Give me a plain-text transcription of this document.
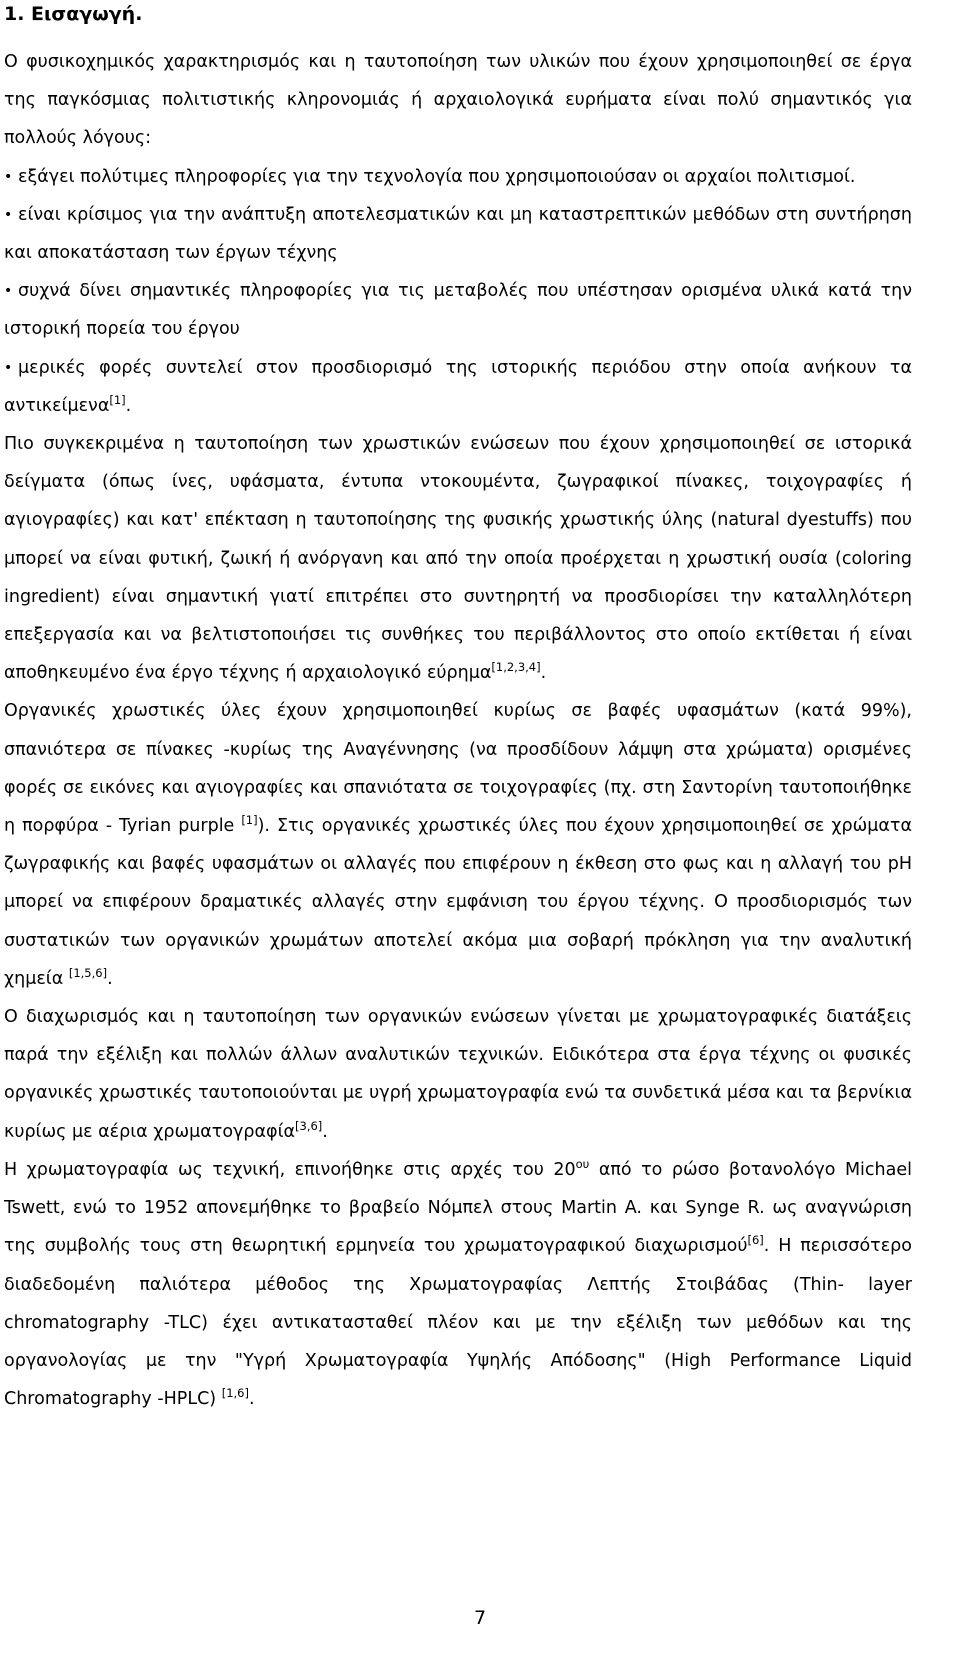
1. Εισαγωγή.

Ο φυσικοχημικός χαρακτηρισμός και η ταυτοποίηση των υλικών που έχουν χρησιμοποιηθεί σε έργα της παγκόσμιας πολιτιστικής κληρονομιάς ή αρχαιολογικά ευρήματα είναι πολύ σημαντικός για πολλούς λόγους:

• εξάγει πολύτιμες πληροφορίες για την τεχνολογία που χρησιμοποιούσαν οι αρχαίοι πολιτισμοί.
• είναι κρίσιμος για την ανάπτυξη αποτελεσματικών και μη καταστρεπτικών μεθόδων στη συντήρηση και αποκατάσταση των έργων τέχνης
• συχνά δίνει σημαντικές πληροφορίες για τις μεταβολές που υπέστησαν ορισμένα υλικά κατά την ιστορική πορεία του έργου
• μερικές φορές συντελεί στον προσδιορισμό της ιστορικής περιόδου στην οποία ανήκουν τα αντικείμενα[1].

Πιο συγκεκριμένα η ταυτοποίηση των χρωστικών ενώσεων που έχουν χρησιμοποιηθεί σε ιστορικά δείγματα (όπως ίνες, υφάσματα, έντυπα ντοκουμέντα, ζωγραφικοί πίνακες, τοιχογραφίες ή αγιογραφίες) και κατ' επέκταση η ταυτοποίησης της φυσικής χρωστικής ύλης (natural dyestuffs) που μπορεί να είναι φυτική, ζωική ή ανόργανη και από την οποία προέρχεται η χρωστική ουσία (coloring ingredient) είναι σημαντική γιατί επιτρέπει στο συντηρητή να προσδιορίσει την καταλληλότερη επεξεργασία και να βελτιστοποιήσει τις συνθήκες του περιβάλλοντος στο οποίο εκτίθεται ή είναι αποθηκευμένο ένα έργο τέχνης ή αρχαιολογικό εύρημα[1,2,3,4].

Οργανικές χρωστικές ύλες έχουν χρησιμοποιηθεί κυρίως σε βαφές υφασμάτων (κατά 99%), σπανιότερα σε πίνακες -κυρίως της Αναγέννησης (να προσδίδουν λάμψη στα χρώματα) ορισμένες φορές σε εικόνες και αγιογραφίες και σπανιότατα σε τοιχογραφίες (πχ. στη Σαντορίνη ταυτοποιήθηκε η πορφύρα - Tyrian purple [1]). Στις οργανικές χρωστικές ύλες που έχουν χρησιμοποιηθεί σε χρώματα ζωγραφικής και βαφές υφασμάτων οι αλλαγές που επιφέρουν η έκθεση στο φως και η αλλαγή του pH μπορεί να επιφέρουν δραματικές αλλαγές στην εμφάνιση του έργου τέχνης. Ο προσδιορισμός των συστατικών των οργανικών χρωμάτων αποτελεί ακόμα μια σοβαρή πρόκληση για την αναλυτική χημεία [1,5,6].

Ο διαχωρισμός και η ταυτοποίηση των οργανικών ενώσεων γίνεται με χρωματογραφικές διατάξεις παρά την εξέλιξη και πολλών άλλων αναλυτικών τεχνικών. Ειδικότερα στα έργα τέχνης οι φυσικές οργανικές χρωστικές ταυτοποιούνται με υγρή χρωματογραφία ενώ τα συνδετικά μέσα και τα βερνίκια κυρίως με αέρια χρωματογραφία[3,6].

Η χρωματογραφία ως τεχνική, επινοήθηκε στις αρχές του $20^{o\upsilon}$ από το ρώσο βοτανολόγο Michael Tswett, ενώ το 1952 απονεμήθηκε το βραβείο Νόμπελ στους Martin A. και Synge R. ως αναγνώριση της συμβολής τους στη θεωρητική ερμηνεία του χρωματογραφικού διαχωρισμού[6]. Η περισσότερο διαδεδομένη παλιότερα μέθοδος της Χρωματογραφίας Λεπτής Στοιβάδας (Thin- layer chromatography -TLC) έχει αντικατασταθεί πλέον και με την εξέλιξη των μεθόδων και της οργανολογίας με την "Υγρή Χρωματογραφία Υψηλής Απόδοσης" (High Performance Liquid Chromatography -HPLC) [1,6].

7
